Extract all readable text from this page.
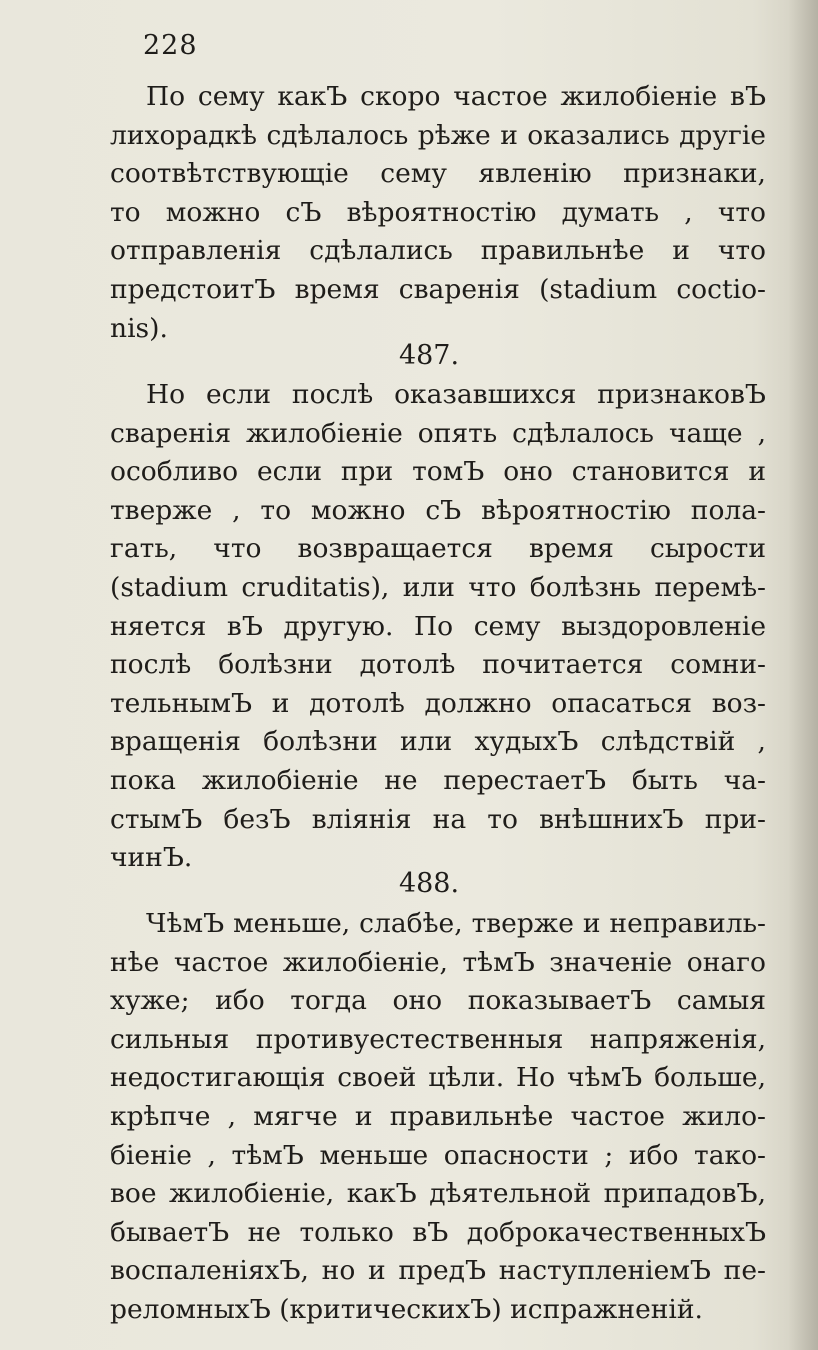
228
По сему какЪ скоро частое жилобіеніе вЪ
лихорадкѣ сдѣлалось рѣже и оказались другіе
соотвѣтствующіе сему явленію признаки,
то можно сЪ вѣроятностію думать , что
отправленія сдѣлались правильнѣе и что
предстоитЪ время сваренія (stadium coctio-
nis).
487.
Но если послѣ оказавшихся признаковЪ
сваренія жилобіеніе опять сдѣлалось чаще ,
особливо если при томЪ оно становится и
тверже , то можно сЪ вѣроятностію пола-
гать, что возвращается время сырости
(stadium cruditatis), или что болѣзнь перемѣ-
няется вЪ другую. По сему выздоровленіе
послѣ болѣзни дотолѣ почитается сомни-
тельнымЪ и дотолѣ должно опасаться воз-
вращенія болѣзни или худыхЪ слѣдствій ,
пока жилобіеніе не перестаетЪ быть ча-
стымЪ безЪ вліянія на то внѣшнихЪ при-
чинЪ.
488.
ЧѣмЪ меньше, слабѣе, тверже и неправиль-
нѣе частое жилобіеніе, тѣмЪ значеніе онаго
хуже; ибо тогда оно показываетЪ самыя
сильныя противуестественныя напряженія,
недостигающія своей цѣли. Но чѣмЪ больше,
крѣпче , мягче и правильнѣе частое жило-
біеніе , тѣмЪ меньше опасности ; ибо тако-
вое жилобіеніе, какЪ дѣятельной припадовЪ,
бываетЪ не только вЪ доброкачественныхЪ
воспаленіяхЪ, но и предЪ наступленіемЪ пе-
реломныхЪ (критическихЪ) испражненій.
